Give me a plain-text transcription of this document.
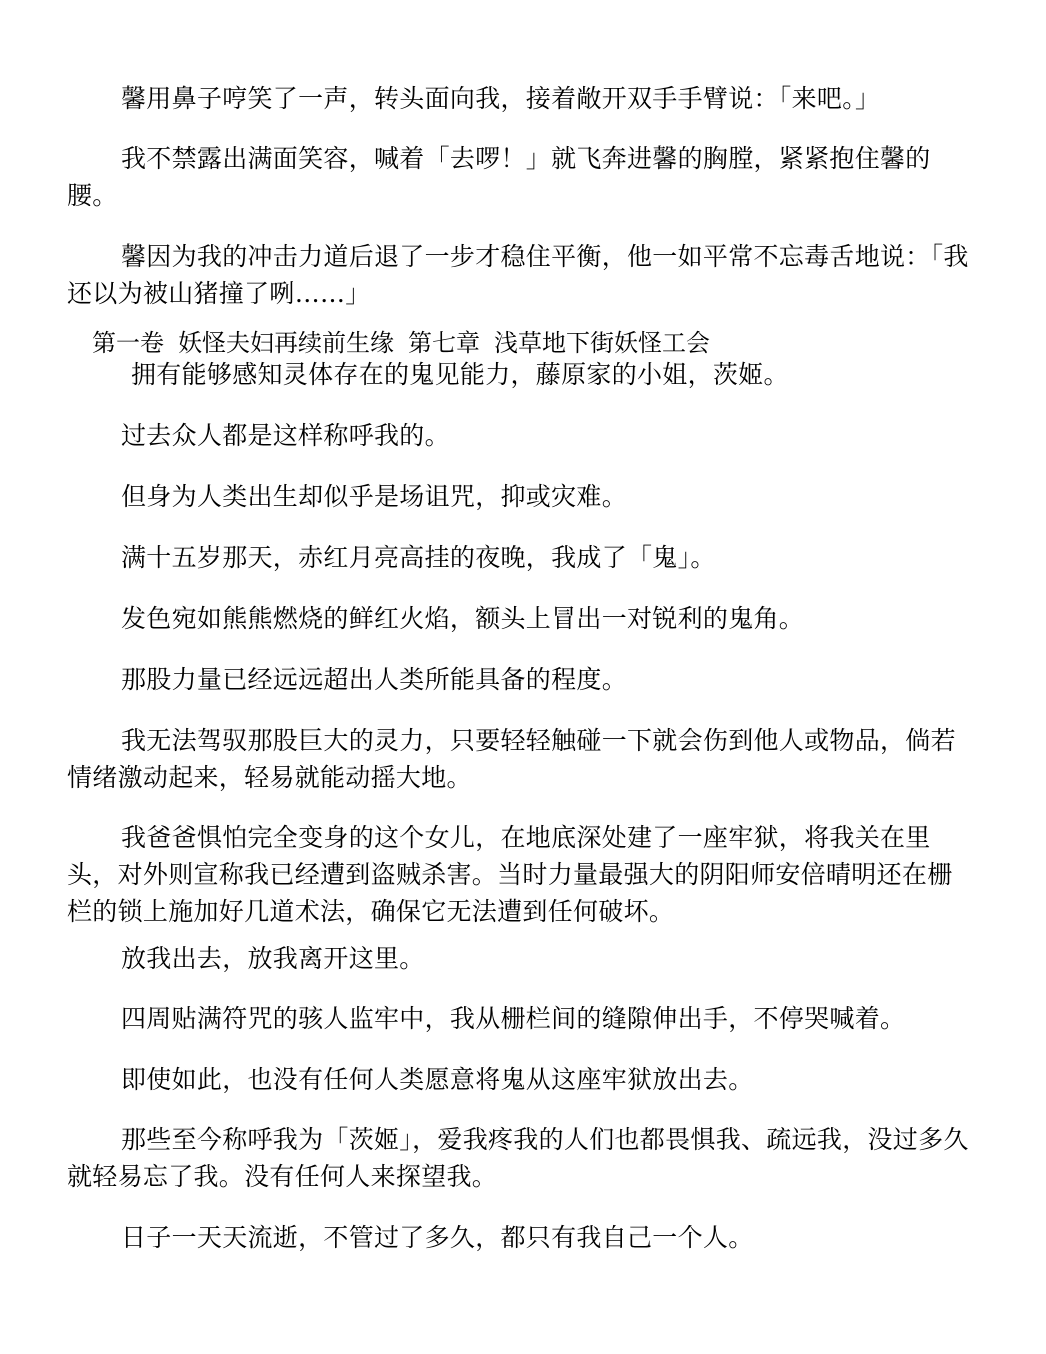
馨用鼻子哼笑了一声，转头面向我，接着敞开双手手臂说：「来吧。」

我不禁露出满面笑容，喊着「去啰！」就飞奔进馨的胸膛，紧紧抱住馨的腰。

馨因为我的冲击力道后退了一步才稳住平衡，他一如平常不忘毒舌地说：「我还以为被山猪撞了咧……」

第一卷 妖怪夫妇再续前生缘 第七章 浅草地下街妖怪工会

拥有能够感知灵体存在的鬼见能力，藤原家的小姐，茨姬。

过去众人都是这样称呼我的。

但身为人类出生却似乎是场诅咒，抑或灾难。

满十五岁那天，赤红月亮高挂的夜晚，我成了「鬼」。

发色宛如熊熊燃烧的鲜红火焰，额头上冒出一对锐利的鬼角。

那股力量已经远远超出人类所能具备的程度。

我无法驾驭那股巨大的灵力，只要轻轻触碰一下就会伤到他人或物品，倘若情绪激动起来，轻易就能动摇大地。

我爸爸惧怕完全变身的这个女儿，在地底深处建了一座牢狱，将我关在里头，对外则宣称我已经遭到盗贼杀害。当时力量最强大的阴阳师安倍晴明还在栅栏的锁上施加好几道术法，确保它无法遭到任何破坏。

放我出去，放我离开这里。

四周贴满符咒的骇人监牢中，我从栅栏间的缝隙伸出手，不停哭喊着。

即使如此，也没有任何人类愿意将鬼从这座牢狱放出去。

那些至今称呼我为「茨姬」，爱我疼我的人们也都畏惧我、疏远我，没过多久就轻易忘了我。没有任何人来探望我。

日子一天天流逝，不管过了多久，都只有我自己一个人。
